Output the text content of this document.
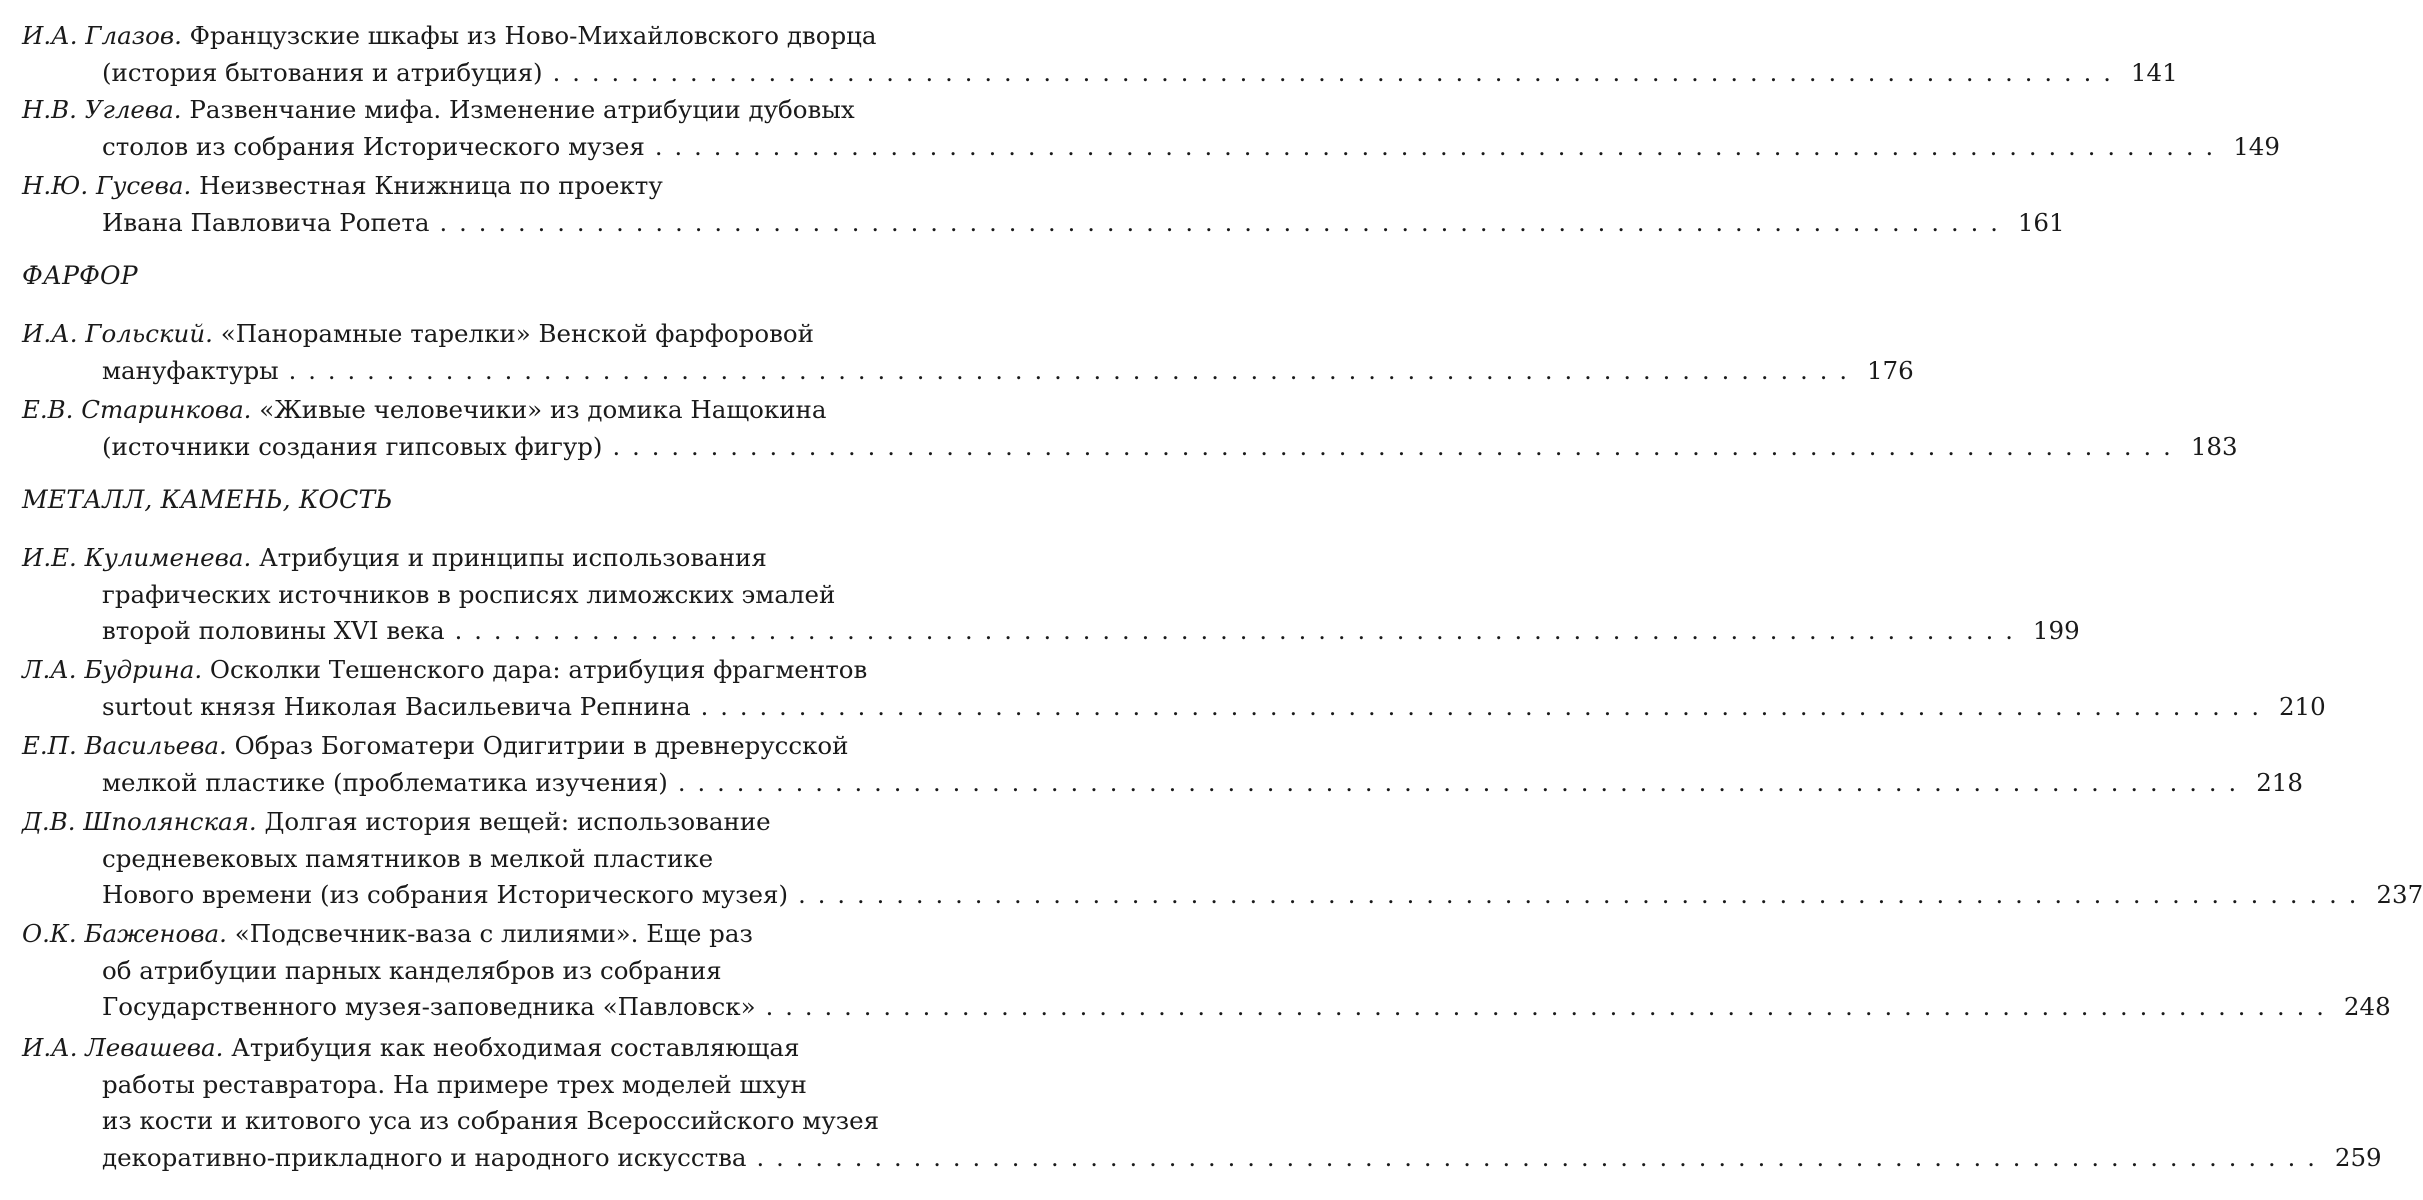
И.А. Глазов. Французские шкафы из Ново-Михайловского дворца
(история бытования и атрибуция) ................................................................................ 141
Н.В. Углева. Развенчание мифа. Изменение атрибуции дубовых
столов из собрания Исторического музея ................................................................................ 149
Н.Ю. Гусева. Неизвестная Книжница по проекту
Ивана Павловича Ропета ................................................................................ 161
ФАРФОР
И.А. Гольский. «Панорамные тарелки» Венской фарфоровой
мануфактуры ................................................................................ 176
Е.В. Старинкова. «Живые человечики» из домика Нащокина
(источники создания гипсовых фигур) ................................................................................ 183
МЕТАЛЛ, КАМЕНЬ, КОСТЬ
И.Е. Кулименева. Атрибуция и принципы использования
графических источников в росписях лиможских эмалей
второй половины XVI века ................................................................................ 199
Л.А. Будрина. Осколки Тешенского дара: атрибуция фрагментов
surtout князя Николая Васильевича Репнина ................................................................................ 210
Е.П. Васильева. Образ Богоматери Одигитрии в древнерусской
мелкой пластике (проблематика изучения) ................................................................................ 218
Д.В. Шполянская. Долгая история вещей: использование
средневековых памятников в мелкой пластике
Нового времени (из собрания Исторического музея) ................................................................................ 237
О.К. Баженова. «Подсвечник-ваза с лилиями». Еще раз
об атрибуции парных канделябров из собрания
Государственного музея-заповедника «Павловск» ................................................................................ 248
И.А. Левашева. Атрибуция как необходимая составляющая
работы реставратора. На примере трех моделей шхун
из кости и китового уса из собрания Всероссийского музея
декоративно-прикладного и народного искусства ................................................................................ 259
